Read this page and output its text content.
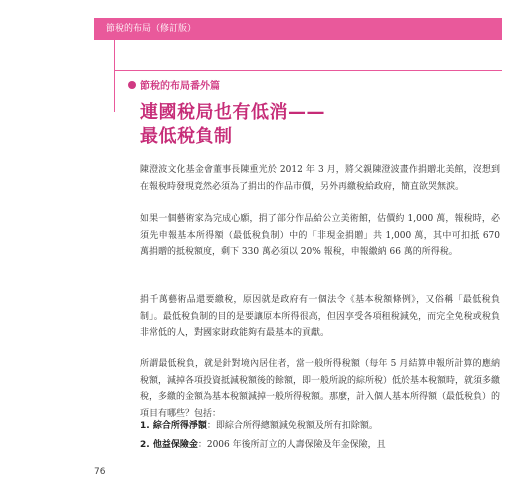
節稅的布局（修訂版）
節稅的布局番外篇
連國稅局也有低消——
最低稅負制
陳澄波文化基金會董事長陳重光於 2012 年 3 月，將父親陳澄波畫作捐贈北美館，沒想到在報稅時發現竟然必須為了捐出的作品市價，另外再繳稅給政府，簡直欲哭無淚。
如果一個藝術家為完成心願，捐了部分作品給公立美術館，估價約 1,000 萬，報稅時，必須先申報基本所得額（最低稅負制）中的「非現金捐贈」共 1,000 萬，其中可扣抵 670 萬捐贈的抵稅額度，剩下 330 萬必須以 20% 報稅，申報繳納 66 萬的所得稅。
捐千萬藝術品還要繳稅，原因就是政府有一個法令《基本稅額條例》，又俗稱「最低稅負制」。最低稅負制的目的是要讓原本所得很高，但因享受各項租稅減免，而完全免稅或稅負非常低的人，對國家財政能夠有最基本的貢獻。
所謂最低稅負，就是針對境內居住者，當一般所得稅額（每年 5 月結算申報所計算的應納稅額，減掉各項投資抵減稅額後的餘額，即一般所說的綜所稅）低於基本稅額時，就須多繳稅，多繳的金額為基本稅額減掉一般所得稅額。那麼，計入個人基本所得額（最低稅負）的項目有哪些？包括：
1. 綜合所得淨額：即綜合所得總額減免稅額及所有扣除額。
2. 他益保險金：2006 年後所訂立的人壽保險及年金保險，且
76
